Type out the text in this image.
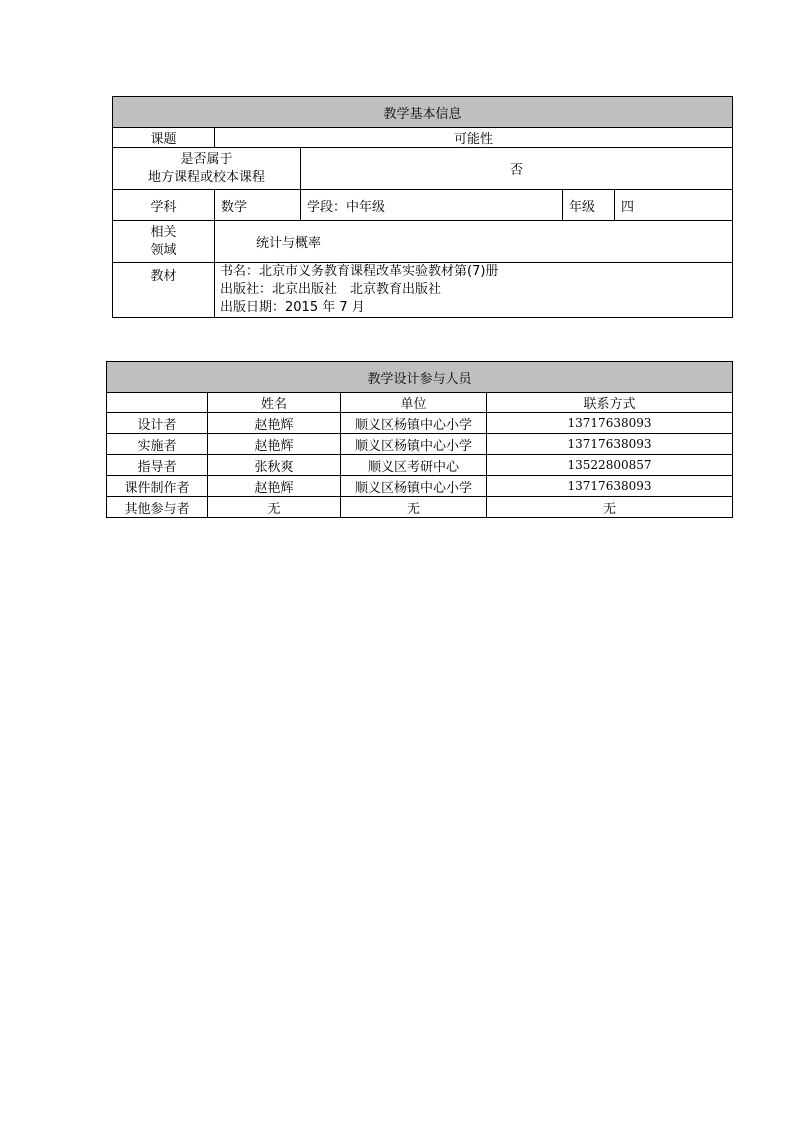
教学基本信息				
课题	可能性			

是否属于
地方课程或校本课程		否		
学科	数学	学段：中年级	年级	四

相关
领域	统计与概率			
教材	书名：北京市义务教育课程改革实验教材第(7)册
出版社：北京出版社　北京教育出版社
出版日期：2015 年 7 月			
教学设计参与人员			
	姓名	单位	联系方式
设计者	赵艳辉	顺义区杨镇中心小学	13717638093
实施者	赵艳辉	顺义区杨镇中心小学	13717638093
指导者	张秋爽	顺义区考研中心	13522800857
课件制作者	赵艳辉	顺义区杨镇中心小学	13717638093
其他参与者	无	无	无
